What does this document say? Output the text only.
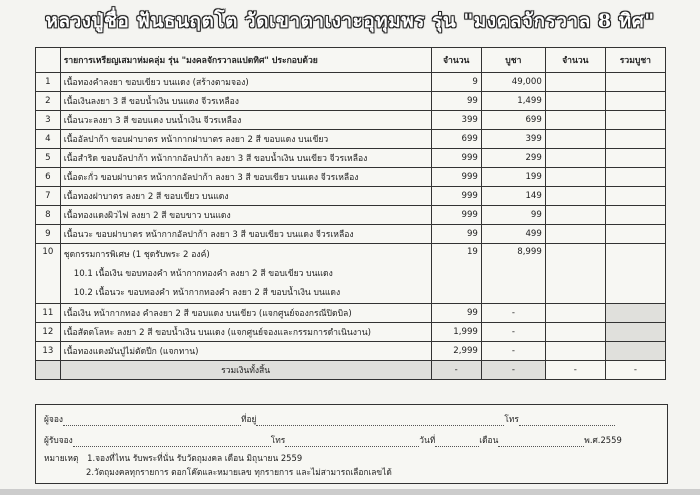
หลวงปู่ชื่อ ฟันธนฤตโต วัดเขาตาเงาะอุทุมพร รุ่น "มงคลจักรวาล 8 ทิศ"
	รายการเหรียญเสมาห่มคลุ่ม รุ่น "มงคลจักรวาลแปดทิศ" ประกอบด้วย	จำนวน	บูชา	จำนวน	รวมบูชา
1	เนื้อทองคำลงยา ขอบเขียว บนแดง (สร้างตามจอง)	9	49,000		
2	เนื้อเงินลงยา 3 สี ขอบน้ำเงิน บนแดง จีวรเหลือง	99	1,499		
3	เนื้อนวะลงยา 3 สี ขอบแดง บนน้ำเงิน จีวรเหลือง	399	699		
4	เนื้ออัลปาก้า ขอบฝาบาตร หน้ากากฝาบาตร ลงยา 2 สี ขอบแดง บนเขียว	699	399		
5	เนื้อสำริด ขอบอัลปาก้า หน้ากากอัลปาก้า ลงยา 3 สี ขอบน้ำเงิน บนเขียว จีวรเหลือง	999	299		
6	เนื้อตะกั่ว ขอบฝาบาตร หน้ากากอัลปาก้า ลงยา 3 สี ขอบเขียว บนแดง จีวรเหลือง	999	199		
7	เนื้อทองฝาบาตร ลงยา 2 สี ขอบเขียว บนแดง	999	149		
8	เนื้อทองแดงผิวไฟ ลงยา 2 สี ขอบขาว บนแดง	999	99		
9	เนื้อนวะ ขอบฝาบาตร หน้ากากอัลปาก้า ลงยา 3 สี ขอบเขียว บนแดง จีวรเหลือง	99	499		
10	ชุดกรรมการพิเศษ (1 ชุดรับพระ 2 องค์)
10.1 เนื้อเงิน ขอบทองคำ หน้ากากทองคำ ลงยา 2 สี ขอบเขียว บนแดง
10.2 เนื้อนวะ ขอบทองคำ หน้ากากทองคำ ลงยา 2 สี ขอบน้ำเงิน บนแดง	19	8,999		
11	เนื้อเงิน หน้ากากทอง คำลงยา 2 สี ขอบแดง บนเขียว (แจกศูนย์จองกรณีปิดบิล)	99	-		
12	เนื้อสัตตโลหะ ลงยา 2 สี ขอบน้ำเงิน บนแดง (แจกศูนย์จองและกรรมการดำเนินงาน)	1,999	-		
13	เนื้อทองแดงมันปู่ไม่ตัดปีก (แจกทาน)	2,999	-		
	รวมเงินทั้งสิ้น	-	-	-	-
ผู้จอง	ที่อยู่	โทร
ผู้รับจอง	โทร	วันที่	เดือน	พ.ศ.2559
หมายเหตุ 1.จองที่ไหน รับพระที่นั่น รับวัตถุมงคล เดือน มิถุนายน 2559
2.วัตถุมงคลทุกรายการ ตอกโค๊ตและหมายเลข ทุกรายการ และไม่สามารถเลือกเลขได้
